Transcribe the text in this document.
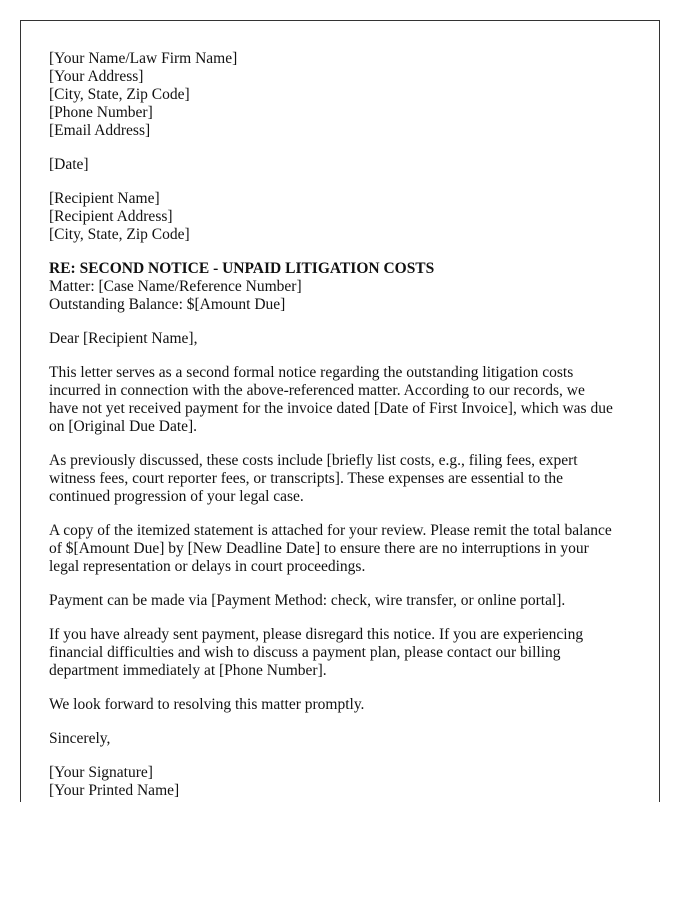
[Your Name/Law Firm Name]
[Your Address]
[City, State, Zip Code]
[Phone Number]
[Email Address]
[Date]
[Recipient Name]
[Recipient Address]
[City, State, Zip Code]
RE: SECOND NOTICE - UNPAID LITIGATION COSTS
Matter: [Case Name/Reference Number]
Outstanding Balance: $[Amount Due]
Dear [Recipient Name],
This letter serves as a second formal notice regarding the outstanding litigation costs
incurred in connection with the above-referenced matter. According to our records, we
have not yet received payment for the invoice dated [Date of First Invoice], which was due
on [Original Due Date].
As previously discussed, these costs include [briefly list costs, e.g., filing fees, expert
witness fees, court reporter fees, or transcripts]. These expenses are essential to the
continued progression of your legal case.
A copy of the itemized statement is attached for your review. Please remit the total balance
of $[Amount Due] by [New Deadline Date] to ensure there are no interruptions in your
legal representation or delays in court proceedings.
Payment can be made via [Payment Method: check, wire transfer, or online portal].
If you have already sent payment, please disregard this notice. If you are experiencing
financial difficulties and wish to discuss a payment plan, please contact our billing
department immediately at [Phone Number].
We look forward to resolving this matter promptly.
Sincerely,
[Your Signature]
[Your Printed Name]
